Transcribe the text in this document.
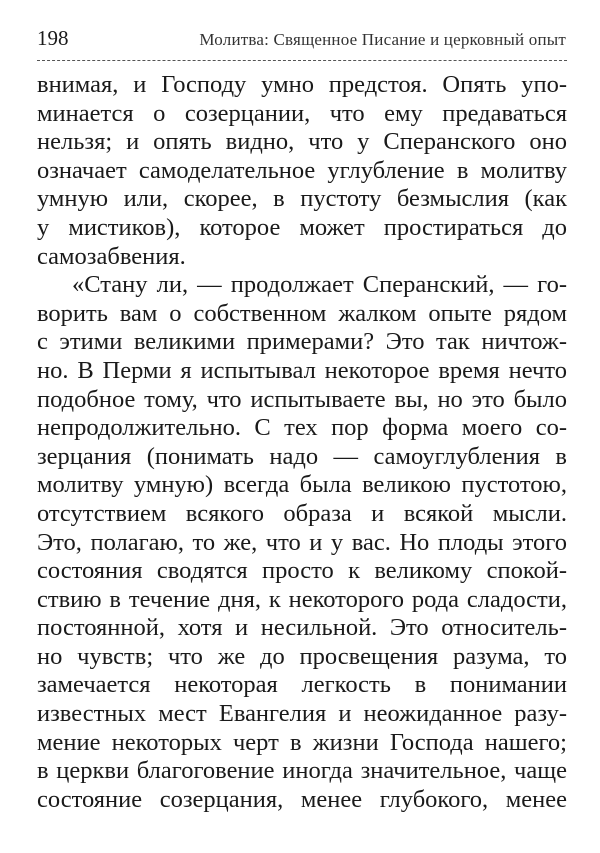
198	Молитва: Священное Писание и церковный опыт
внимая, и Господу умно предстоя. Опять упо-
минается о созерцании, что ему предаваться
нельзя; и опять видно, что у Сперанского оно
означает самоделательное углубление в молитву
умную или, скорее, в пустоту безмыслия (как
у мистиков), которое может простираться до
самозабвения.
«Стану ли, — продолжает Сперанский, — го-
ворить вам о собственном жалком опыте рядом
с этими великими примерами? Это так ничтож-
но. В Перми я испытывал некоторое время нечто
подобное тому, что испытываете вы, но это было
непродолжительно. С тех пор форма моего со-
зерцания (понимать надо — самоуглубления в
молитву умную) всегда была великою пустотою,
отсутствием всякого образа и всякой мысли.
Это, полагаю, то же, что и у вас. Но плоды этого
состояния сводятся просто к великому спокой-
ствию в течение дня, к некоторого рода сладости,
постоянной, хотя и несильной. Это относитель-
но чувств; что же до просвещения разума, то
замечается некоторая легкость в понимании
известных мест Евангелия и неожиданное разу-
мение некоторых черт в жизни Господа нашего;
в церкви благоговение иногда значительное, чаще
состояние созерцания, менее глубокого, менее
